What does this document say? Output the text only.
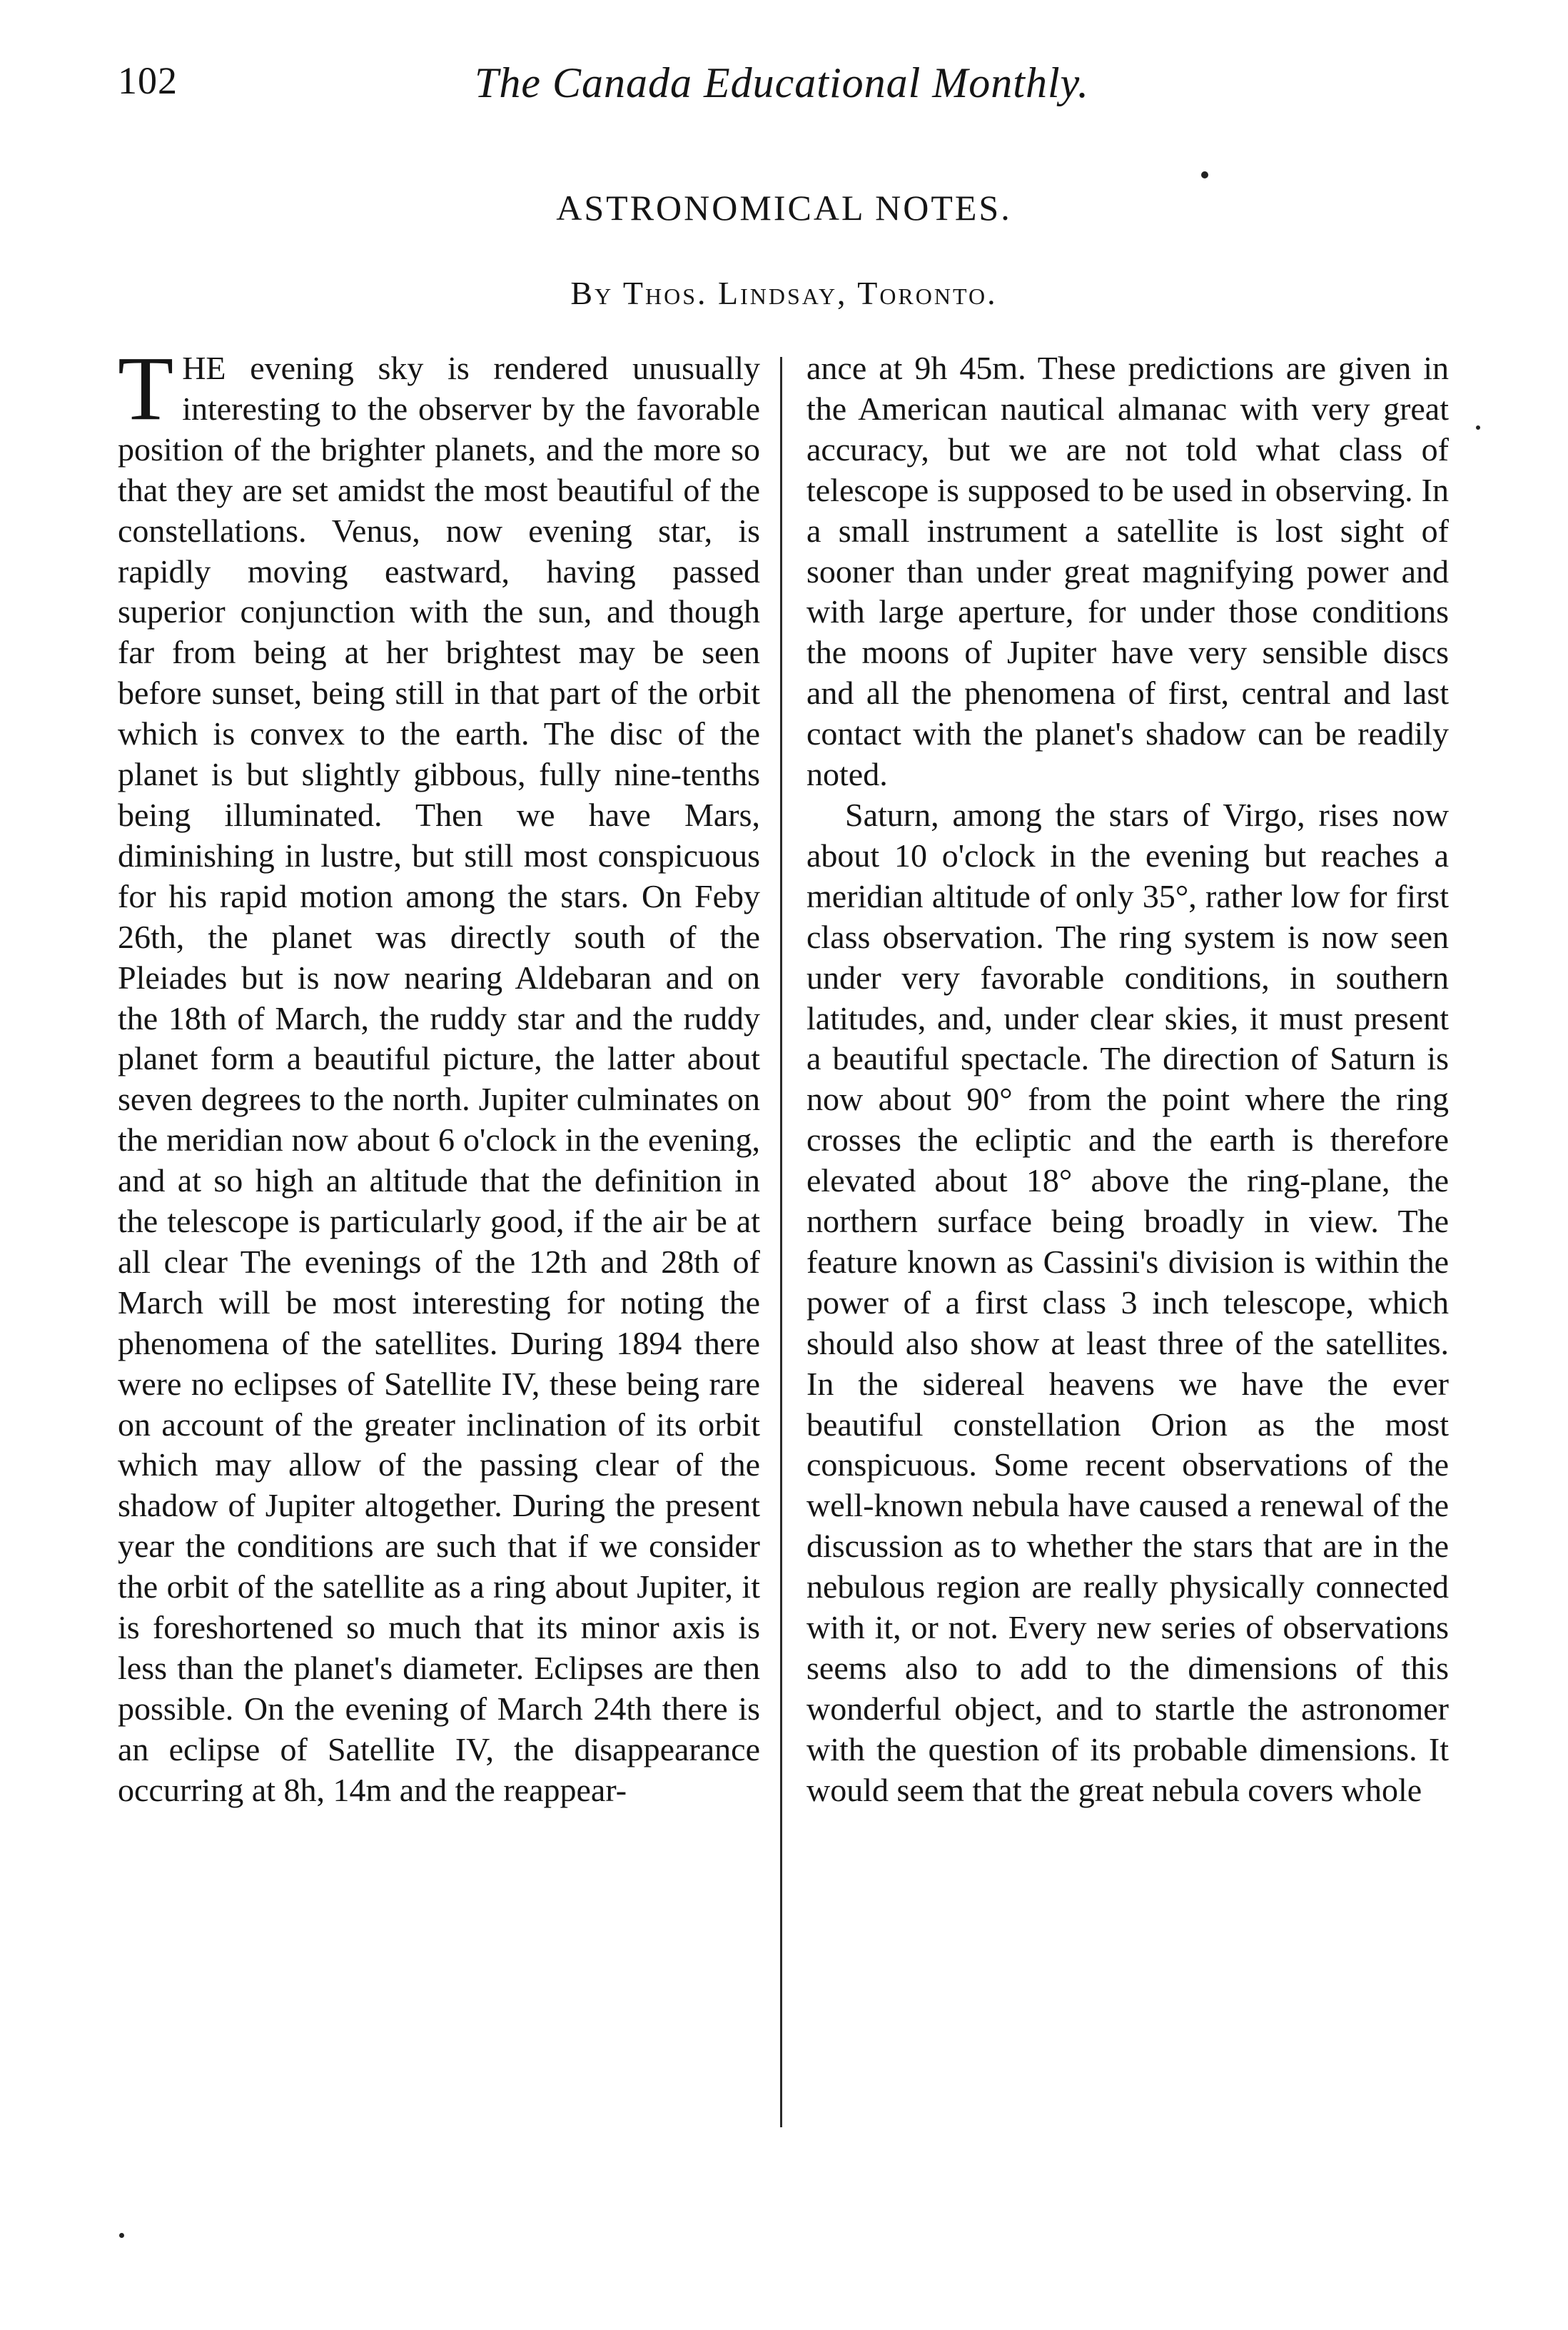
102	The Canada Educational Monthly.
ASTRONOMICAL NOTES.
By Thos. Lindsay, Toronto.

THE evening sky is rendered unusually interesting to the observer by the favorable position of the brighter planets, and the more so that they are set amidst the most beautiful of the constellations. Venus, now evening star, is rapidly moving eastward, having passed superior conjunction with the sun, and though far from being at her brightest may be seen before sunset, being still in that part of the orbit which is convex to the earth. The disc of the planet is but slightly gibbous, fully nine-tenths being illuminated. Then we have Mars, diminishing in lustre, but still most conspicuous for his rapid motion among the stars. On Feby 26th, the planet was directly south of the Pleiades but is now nearing Aldebaran and on the 18th of March, the ruddy star and the ruddy planet form a beautiful picture, the latter about seven degrees to the north. Jupiter culminates on the meridian now about 6 o'clock in the evening, and at so high an altitude that the definition in the telescope is particularly good, if the air be at all clear The evenings of the 12th and 28th of March will be most interesting for noting the phenomena of the satellites. During 1894 there were no eclipses of Satellite IV, these being rare on account of the greater inclination of its orbit which may allow of the passing clear of the shadow of Jupiter altogether. During the present year the conditions are such that if we consider the orbit of the satellite as a ring about Jupiter, it is foreshortened so much that its minor axis is less than the planet's diameter. Eclipses are then possible. On the evening of March 24th there is an eclipse of Satellite IV, the disappearance occurring at 8h, 14m and the reappear-

ance at 9h 45m. These predictions are given in the American nautical almanac with very great accuracy, but we are not told what class of telescope is supposed to be used in observing. In a small instrument a satellite is lost sight of sooner than under great magnifying power and with large aperture, for under those conditions the moons of Jupiter have very sensible discs and all the phenomena of first, central and last contact with the planet's shadow can be readily noted.

Saturn, among the stars of Virgo, rises now about 10 o'clock in the evening but reaches a meridian altitude of only 35°, rather low for first class observation. The ring system is now seen under very favorable conditions, in southern latitudes, and, under clear skies, it must present a beautiful spectacle. The direction of Saturn is now about 90° from the point where the ring crosses the ecliptic and the earth is therefore elevated about 18° above the ring-plane, the northern surface being broadly in view. The feature known as Cassini's division is within the power of a first class 3 inch telescope, which should also show at least three of the satellites. In the sidereal heavens we have the ever beautiful constellation Orion as the most conspicuous. Some recent observations of the well-known nebula have caused a renewal of the discussion as to whether the stars that are in the nebulous region are really physically connected with it, or not. Every new series of observations seems also to add to the dimensions of this wonderful object, and to startle the astronomer with the question of its probable dimensions. It would seem that the great nebula covers whole
